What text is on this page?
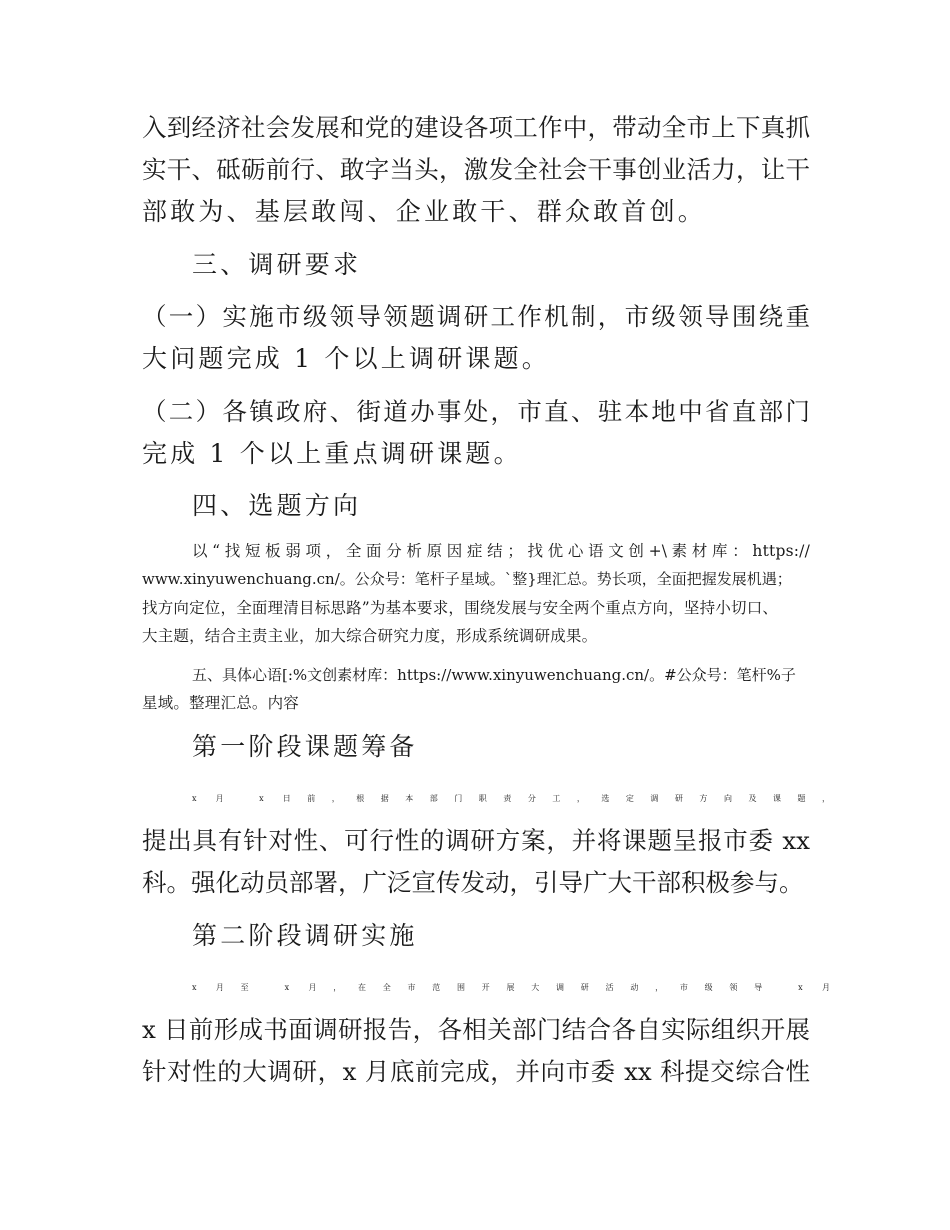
入到经济社会发展和党的建设各项工作中，带动全市上下真抓

实干、砥砺前行、敢字当头，激发全社会干事创业活力，让干

部敢为、基层敢闯、企业敢干、群众敢首创。

三、调研要求

（一）实施市级领导领题调研工作机制，市级领导围绕重

大问题完成 1 个以上调研课题。

（二）各镇政府、街道办事处，市直、驻本地中省直部门

完成 1 个以上重点调研课题。

四、选题方向

以“找短板弱项，全面分析原因症结；找优心语文创+\素材库：https://

www.xinyuwenchuang.cn/。公众号：笔杆子星域。`整}理汇总。势长项，全面把握发展机遇；

找方向定位，全面理清目标思路”为基本要求，围绕发展与安全两个重点方向，坚持小切口、

大主题，结合主责主业，加大综合研究力度，形成系统调研成果。

五、具体心语[:%文创素材库：https://www.xinyuwenchuang.cn/。#公众号：笔杆%子

星域。整理汇总。内容

第一阶段课题筹备

x 月 x 日前，根据本部门职责分工，选定调研方向及课题，

提出具有针对性、可行性的调研方案，并将课题呈报市委 xx

科。强化动员部署，广泛宣传发动，引导广大干部积极参与。

第二阶段调研实施

x 月至 x 月，在全市范围开展大调研活动，市级领导 x 月

x 日前形成书面调研报告，各相关部门结合各自实际组织开展

针对性的大调研，x 月底前完成，并向市委 xx 科提交综合性
